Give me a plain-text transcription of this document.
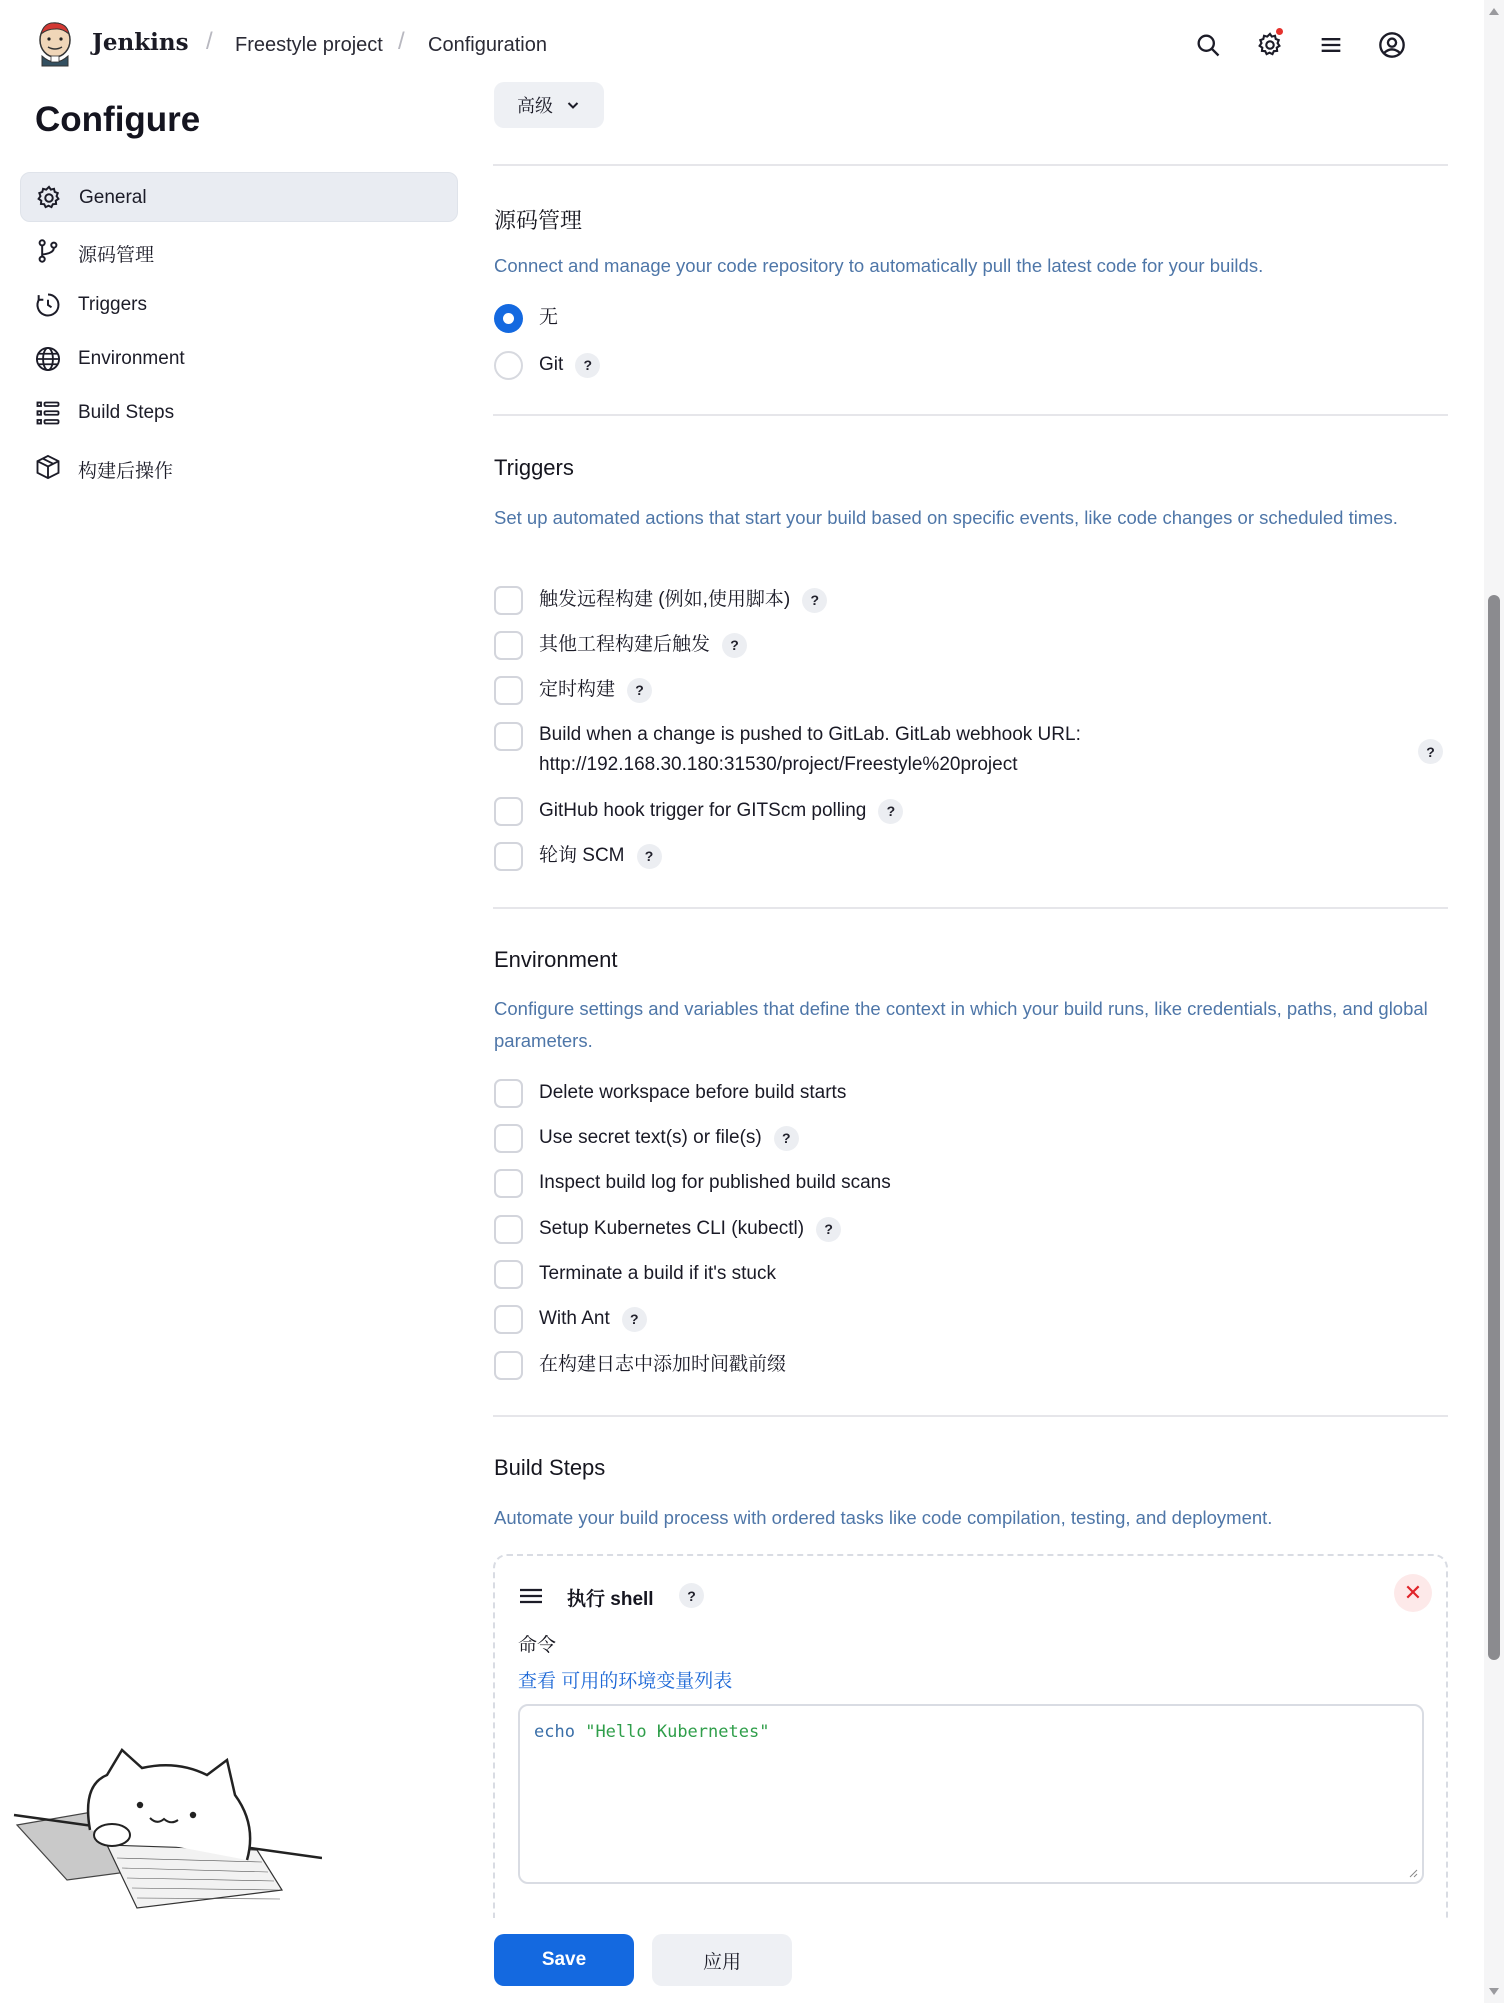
Jenkins / Freestyle project / Configuration
Configure
General
源码管理
Triggers
Environment
Build Steps
构建后操作
高级
源码管理
Connect and manage your code repository to automatically pull the latest code for your builds.
无
Git	?
Triggers
Set up automated actions that start your build based on specific events, like code changes or scheduled times.
触发远程构建 (例如,使用脚本)	?
其他工程构建后触发	?
定时构建	?
Build when a change is pushed to GitLab. GitLab webhook URL: http://192.168.30.180:31530/project/Freestyle%20project
?
GitHub hook trigger for GITScm polling	?
轮询 SCM	?
Environment
Configure settings and variables that define the context in which your build runs, like credentials, paths, and global parameters.
Delete workspace before build starts
Use secret text(s) or file(s)	?
Inspect build log for published build scans
Setup Kubernetes CLI (kubectl)	?
Terminate a build if it's stuck
With Ant	?
在构建日志中添加时间戳前缀
Build Steps
Automate your build process with ordered tasks like code compilation, testing, and deployment.
执行 shell	?	✕
命令
查看 可用的环境变量列表
echo "Hello Kubernetes"
Save	应用
